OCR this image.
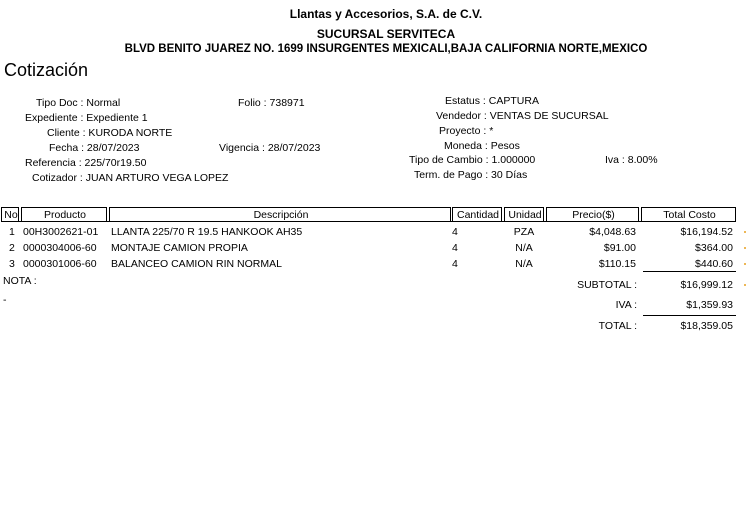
Llantas y Accesorios, S.A. de C.V.
SUCURSAL SERVITECA
BLVD BENITO JUAREZ NO. 1699 INSURGENTES MEXICALI,BAJA CALIFORNIA NORTE,MEXICO
Cotización
Tipo Doc : Normal
Expediente : Expediente 1
Cliente : KURODA NORTE
Fecha : 28/07/2023
Referencia : 225/70r19.50
Cotizador : JUAN ARTURO VEGA LOPEZ
Folio : 738971
Vigencia : 28/07/2023
Estatus : CAPTURA
Vendedor : VENTAS DE SUCURSAL
Proyecto : *
Moneda : Pesos
Tipo de Cambio : 1.000000	Iva : 8.00%
Term. de Pago : 30 Días
No	Producto	Descripción	Cantidad Unidad	Precio($)	Total Costo
1 00H3002621-01 LLANTA 225/70 R 19.5 HANKOOK AH35	4	PZA	$4,048.63	$16,194.52
2 0000304006-60 MONTAJE CAMION PROPIA	4	N/A	$91.00	$364.00
3 0000301006-60 BALANCEO CAMION RIN NORMAL	4	N/A	$110.15	$440.60
NOTA :
-
SUBTOTAL :	$16,999.12
IVA :	$1,359.93
TOTAL :	$18,359.05
